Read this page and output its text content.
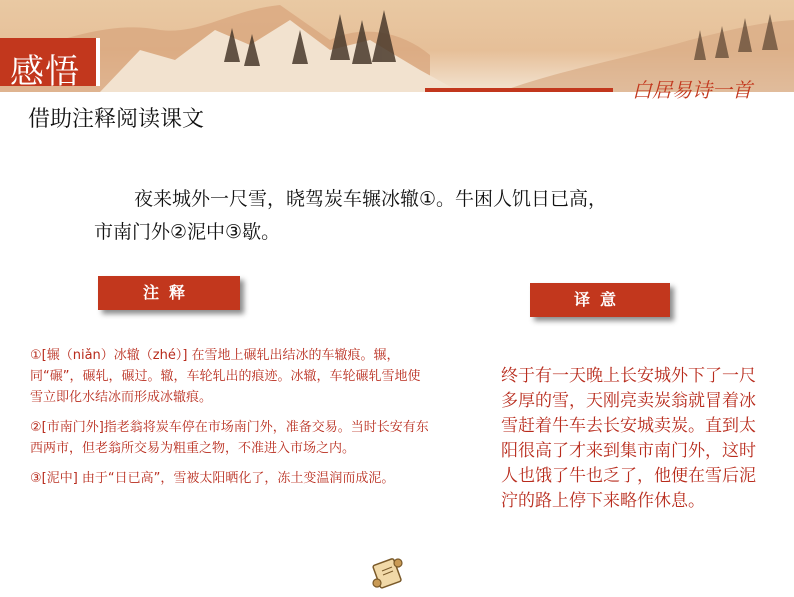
感悟	白居易诗一首
借助注释阅读课文
夜来城外一尺雪，晓驾炭车辗冰辙①。牛困人饥日已高，
市南门外②泥中③歇。
注释	译意

①[辗（niǎn）冰辙（zhé）] 在雪地上碾轧出结冰的车辙痕。辗，同“碾”，碾轧，碾过。辙，车轮轧出的痕迹。冰辙，车轮碾轧雪地使雪立即化水结冰而形成冰辙痕。

②[市南门外]指老翁将炭车停在市场南门外，准备交易。当时长安有东西两市，但老翁所交易为粗重之物，不准进入市场之内。

③[泥中] 由于“日已高”，雪被太阳晒化了，冻土变温润而成泥。

终于有一天晚上长安城外下了一尺多厚的雪，天刚亮卖炭翁就冒着冰雪赶着牛车去长安城卖炭。直到太阳很高了才来到集市南门外，这时人也饿了牛也乏了，他便在雪后泥泞的路上停下来略作休息。
